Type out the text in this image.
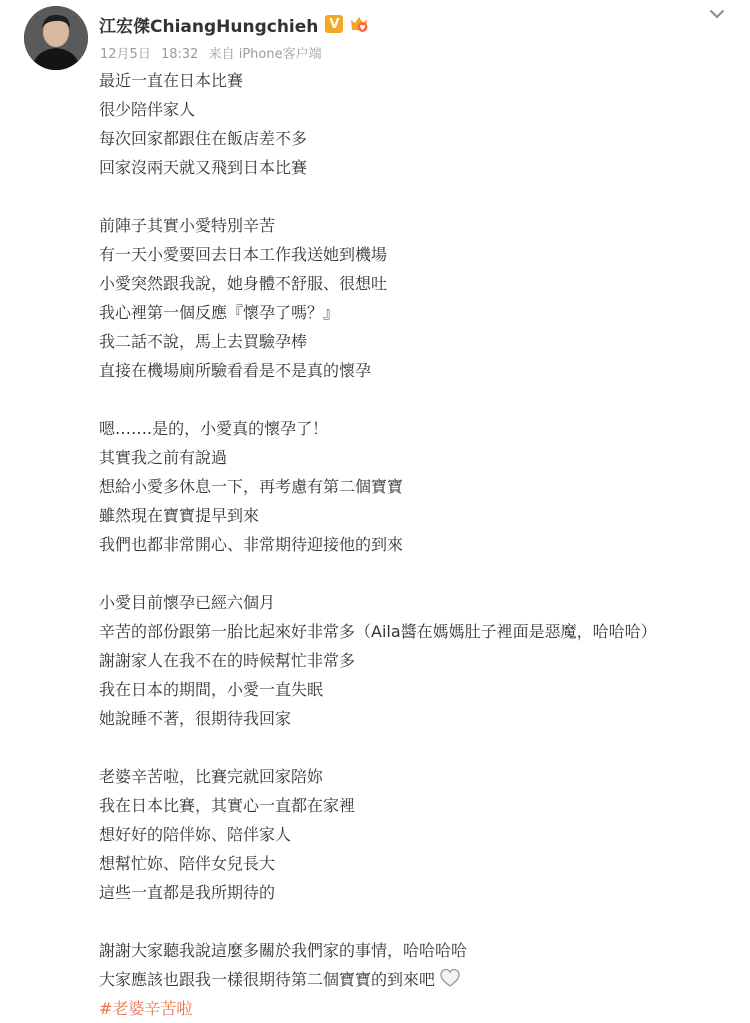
江宏傑ChiangHungchieh V	♥
12月5日 18:32 来自 iPhone客户端
最近一直在日本比賽
很少陪伴家人
每次回家都跟住在飯店差不多
回家沒兩天就又飛到日本比賽
前陣子其實小愛特別辛苦
有一天小愛要回去日本工作我送她到機場
小愛突然跟我說，她身體不舒服、很想吐
我心裡第一個反應『懷孕了嗎？』
我二話不說，馬上去買驗孕棒
直接在機場廁所驗看看是不是真的懷孕
嗯…….是的，小愛真的懷孕了！
其實我之前有說過
想給小愛多休息一下，再考慮有第二個寶寶
雖然現在寶寶提早到來
我們也都非常開心、非常期待迎接他的到來
小愛目前懷孕已經六個月
辛苦的部份跟第一胎比起來好非常多（Aila醬在媽媽肚子裡面是惡魔，哈哈哈）
謝謝家人在我不在的時候幫忙非常多
我在日本的期間，小愛一直失眠
她說睡不著，很期待我回家
老婆辛苦啦，比賽完就回家陪妳
我在日本比賽，其實心一直都在家裡
想好好的陪伴妳、陪伴家人
想幫忙妳、陪伴女兒長大
這些一直都是我所期待的
謝謝大家聽我說這麼多關於我們家的事情，哈哈哈哈
大家應該也跟我一樣很期待第二個寶寶的到來吧
#老婆辛苦啦
